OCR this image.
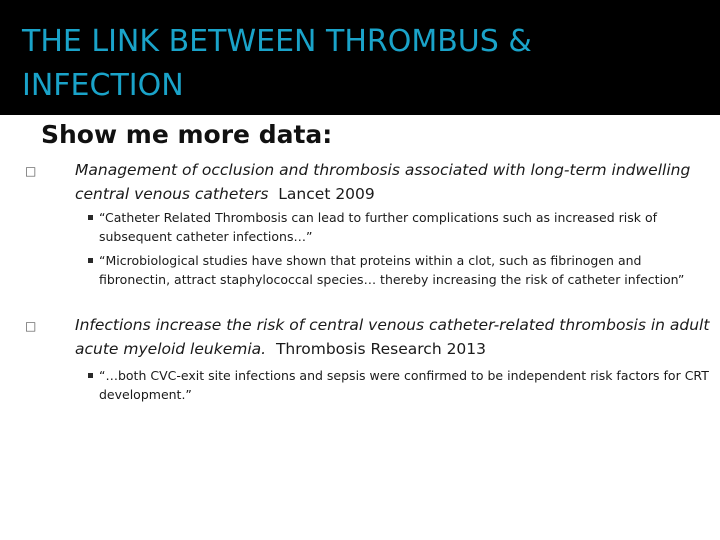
THE LINK BETWEEN THROMBUS & INFECTION
Show me more data:
□ Management of occlusion and thrombosis associated with long-term indwelling central venous catheters Lancet 2009
“Catheter Related Thrombosis can lead to further complications such as increased risk of subsequent catheter infections…”
“Microbiological studies have shown that proteins within a clot, such as fibrinogen and fibronectin, attract staphylococcal species… thereby increasing the risk of catheter infection”
□ Infections increase the risk of central venous catheter-related thrombosis in adult acute myeloid leukemia. Thrombosis Research 2013
“…both CVC-exit site infections and sepsis were confirmed to be independent risk factors for CRT development.”
